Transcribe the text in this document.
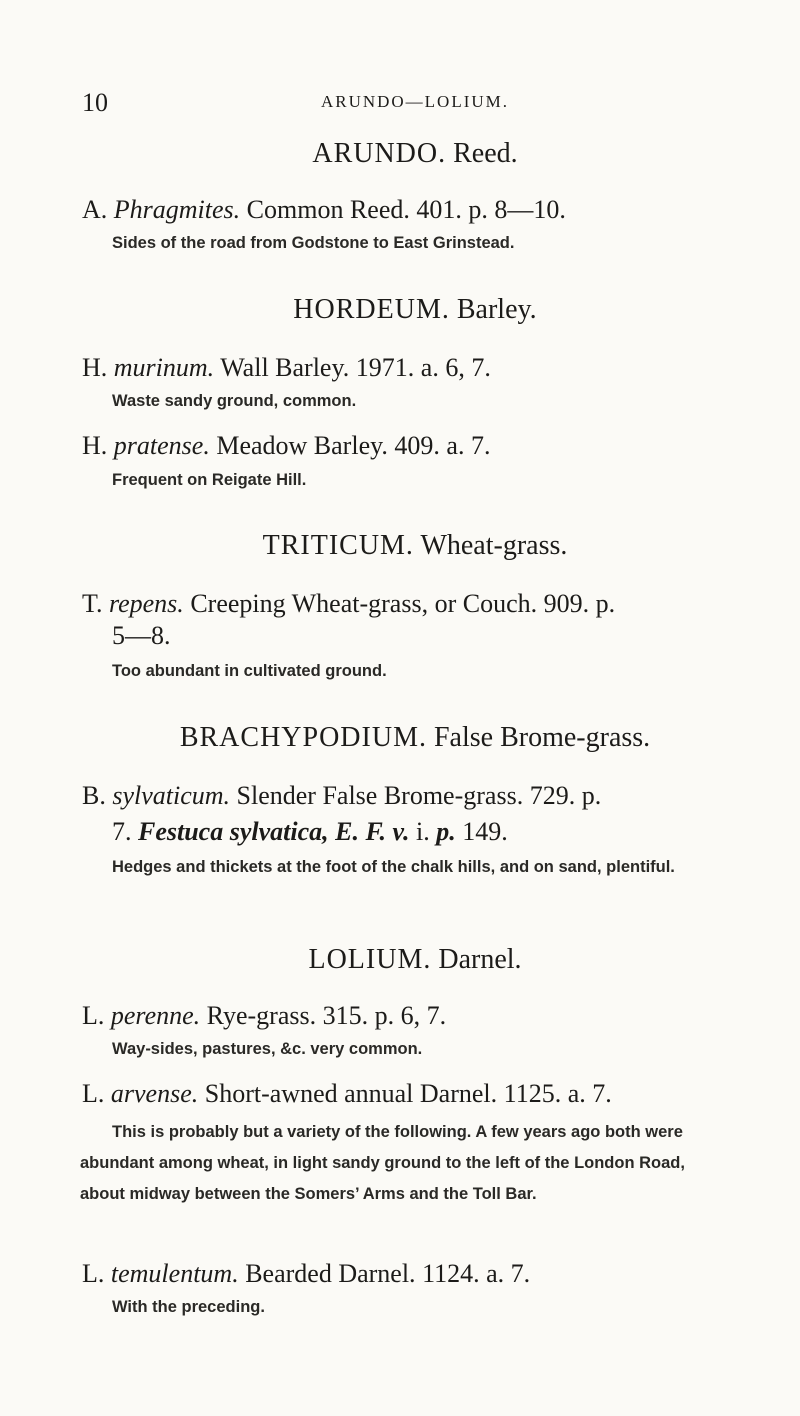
10	ARUNDO—LOLIUM.
ARUNDO. Reed.
A. Phragmites. Common Reed. 401. p. 8—10.
Sides of the road from Godstone to East Grinstead.
HORDEUM. Barley.
H. murinum. Wall Barley. 1971. a. 6, 7.
Waste sandy ground, common.
H. pratense. Meadow Barley. 409. a. 7.
Frequent on Reigate Hill.
TRITICUM. Wheat-grass.
T. repens. Creeping Wheat-grass, or Couch. 909. p.
5—8.
Too abundant in cultivated ground.
BRACHYPODIUM. False Brome-grass.
B. sylvaticum. Slender False Brome-grass. 729. p.
7. Festuca sylvatica, E. F. v. i. p. 149.
Hedges and thickets at the foot of the chalk hills, and on sand, plentiful.
LOLIUM. Darnel.
L. perenne. Rye-grass. 315. p. 6, 7.
Way-sides, pastures, &c. very common.
L. arvense. Short-awned annual Darnel. 1125. a. 7.
This is probably but a variety of the following. A few years ago both were abundant among wheat, in light sandy ground to the left of the London Road, about midway between the Somers’ Arms and the Toll Bar.
L. temulentum. Bearded Darnel. 1124. a. 7.
With the preceding.
